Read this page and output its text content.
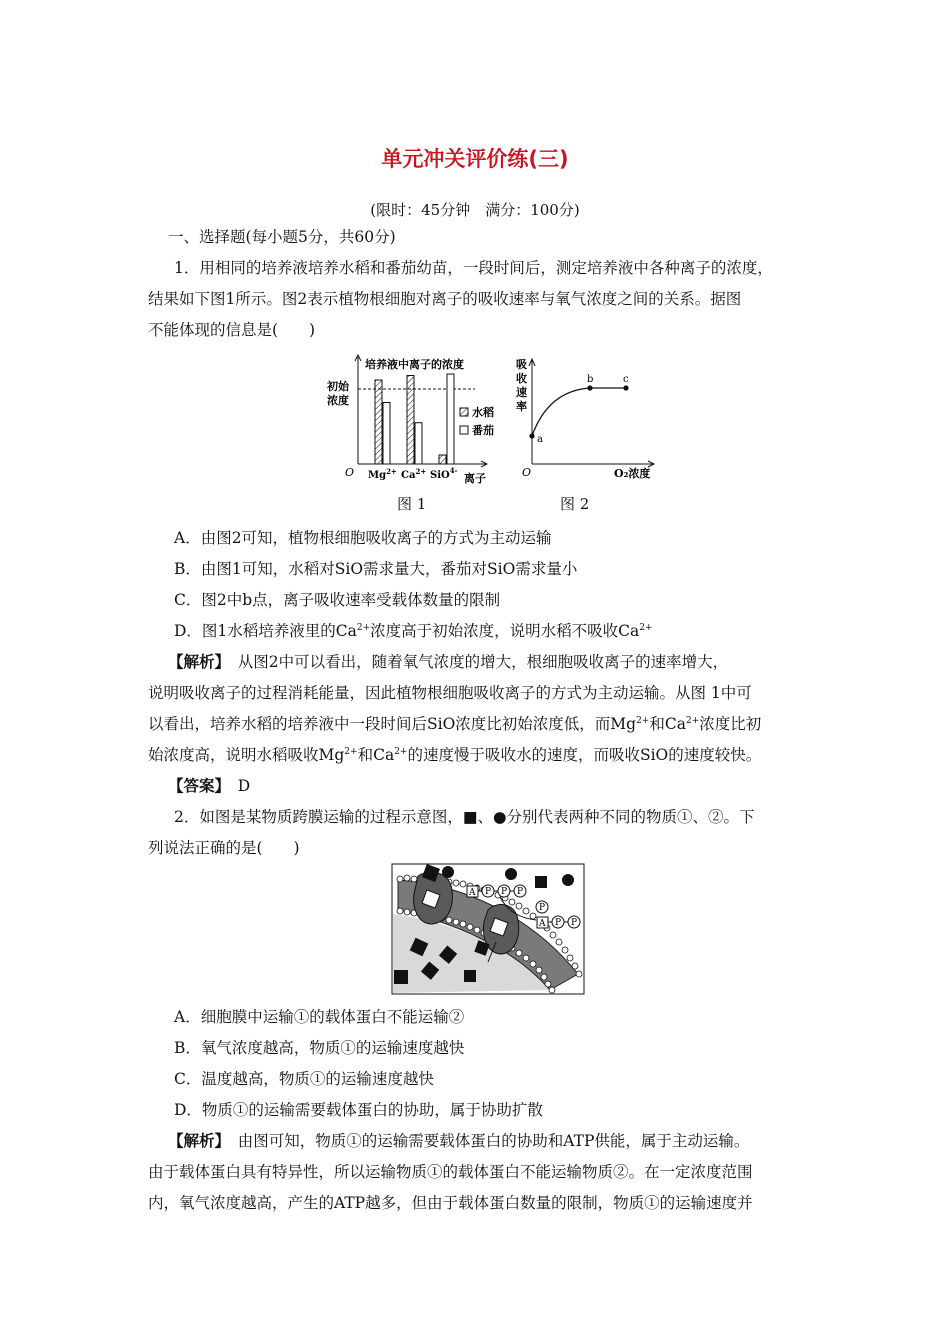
单元冲关评价练(三)
(限时：45分钟　满分：100分)
一、选择题(每小题5分，共60分)
1．用相同的培养液培养水稻和番茄幼苗，一段时间后，测定培养液中各种离子的浓度，
结果如下图1所示。图2表示植物根细胞对离子的吸收速率与氧气浓度之间的关系。据图
不能体现的信息是(　　)
培养液中离子的浓度
初始
浓度
O $Mg^{2+}$ $Ca^{2+}$ SiO$^{4-}$
离子
水稻
番茄
图 1
a
b	c
吸
收
速
率
O	O₂浓度
图 2
A．由图2可知，植物根细胞吸收离子的方式为主动运输
B．由图1可知，水稻对SiO需求量大，番茄对SiO需求量小
C．图2中b点，离子吸收速率受载体数量的限制
D．图1水稻培养液里的$Ca^{2+}$浓度高于初始浓度，说明水稻不吸收$Ca^{2+}$
【解析】　从图2中可以看出，随着氧气浓度的增大，根细胞吸收离子的速率增大，
说明吸收离子的过程消耗能量，因此植物根细胞吸收离子的方式为主动运输。从图 1中可
以看出，培养水稻的培养液中一段时间后SiO浓度比初始浓度低，而$Mg^{2+}$和$Ca^{2+}$浓度比初
始浓度高，说明水稻吸收$Mg^{2+}$和$Ca^{2+}$的速度慢于吸收水的速度，而吸收SiO的速度较快。
【答案】　D
2．如图是某物质跨膜运输的过程示意图，■、●分别代表两种不同的物质①、②。下
列说法正确的是(　　)
A P P P
P
A P P
A．细胞膜中运输①的载体蛋白不能运输②
B．氧气浓度越高，物质①的运输速度越快
C．温度越高，物质①的运输速度越快
D．物质①的运输需要载体蛋白的协助，属于协助扩散
【解析】　由图可知，物质①的运输需要载体蛋白的协助和ATP供能，属于主动运输。
由于载体蛋白具有特异性，所以运输物质①的载体蛋白不能运输物质②。在一定浓度范围
内，氧气浓度越高，产生的ATP越多，但由于载体蛋白数量的限制，物质①的运输速度并
